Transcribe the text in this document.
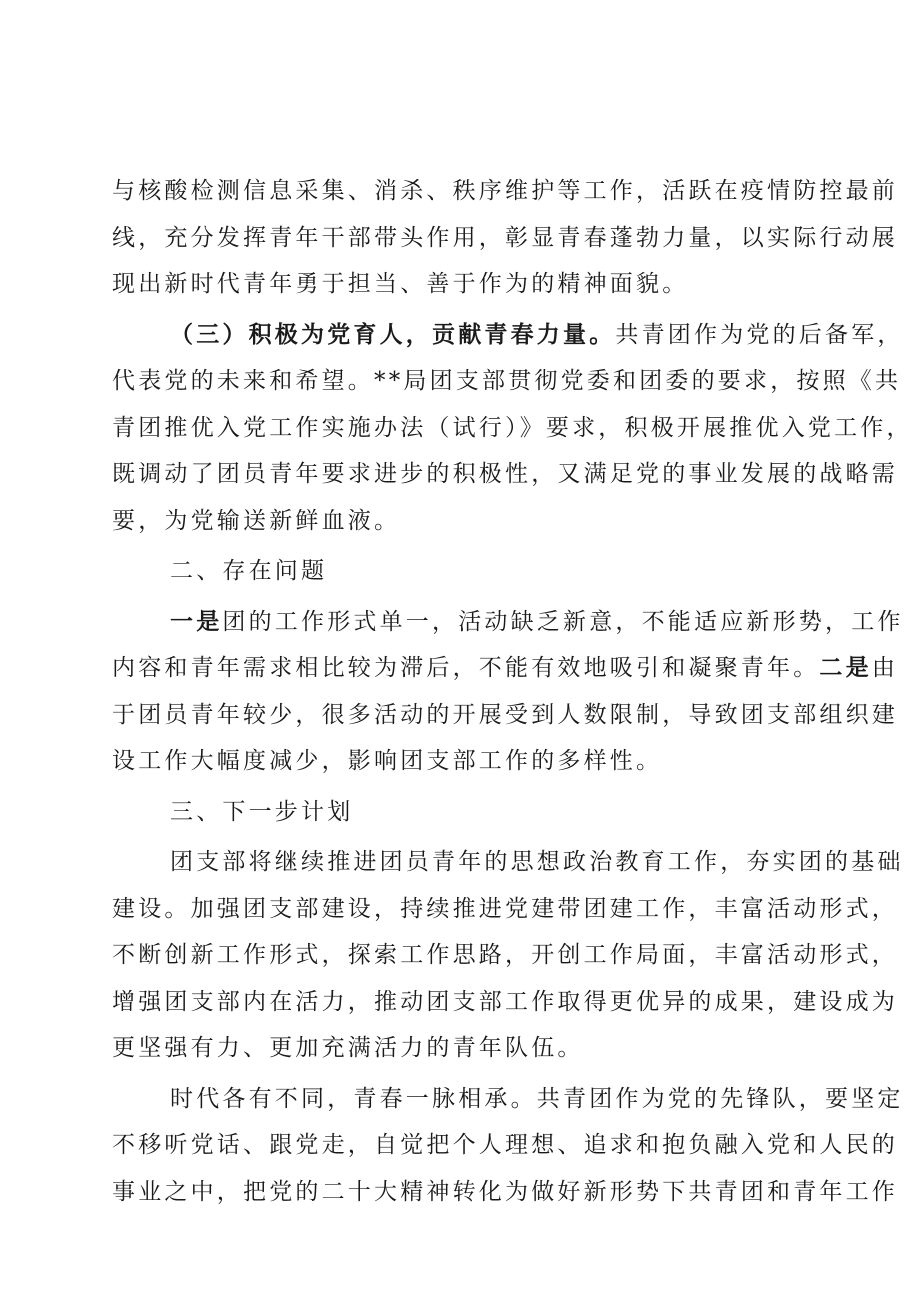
与核酸检测信息采集、消杀、秩序维护等工作，活跃在疫情防控最前
线，充分发挥青年干部带头作用，彰显青春蓬勃力量，以实际行动展
现出新时代青年勇于担当、善于作为的精神面貌。
（三）积极为党育人，贡献青春力量。共青团作为党的后备军，
代表党的未来和希望。**局团支部贯彻党委和团委的要求，按照《共
青团推优入党工作实施办法（试行）》要求，积极开展推优入党工作，
既调动了团员青年要求进步的积极性，又满足党的事业发展的战略需
要，为党输送新鲜血液。
二、存在问题
一是团的工作形式单一，活动缺乏新意，不能适应新形势，工作
内容和青年需求相比较为滞后，不能有效地吸引和凝聚青年。二是由
于团员青年较少，很多活动的开展受到人数限制，导致团支部组织建
设工作大幅度减少，影响团支部工作的多样性。
三、下一步计划
团支部将继续推进团员青年的思想政治教育工作，夯实团的基础
建设。加强团支部建设，持续推进党建带团建工作，丰富活动形式，
不断创新工作形式，探索工作思路，开创工作局面，丰富活动形式，
增强团支部内在活力，推动团支部工作取得更优异的成果，建设成为
更坚强有力、更加充满活力的青年队伍。
时代各有不同，青春一脉相承。共青团作为党的先锋队，要坚定
不移听党话、跟党走，自觉把个人理想、追求和抱负融入党和人民的
事业之中，把党的二十大精神转化为做好新形势下共青团和青年工作
